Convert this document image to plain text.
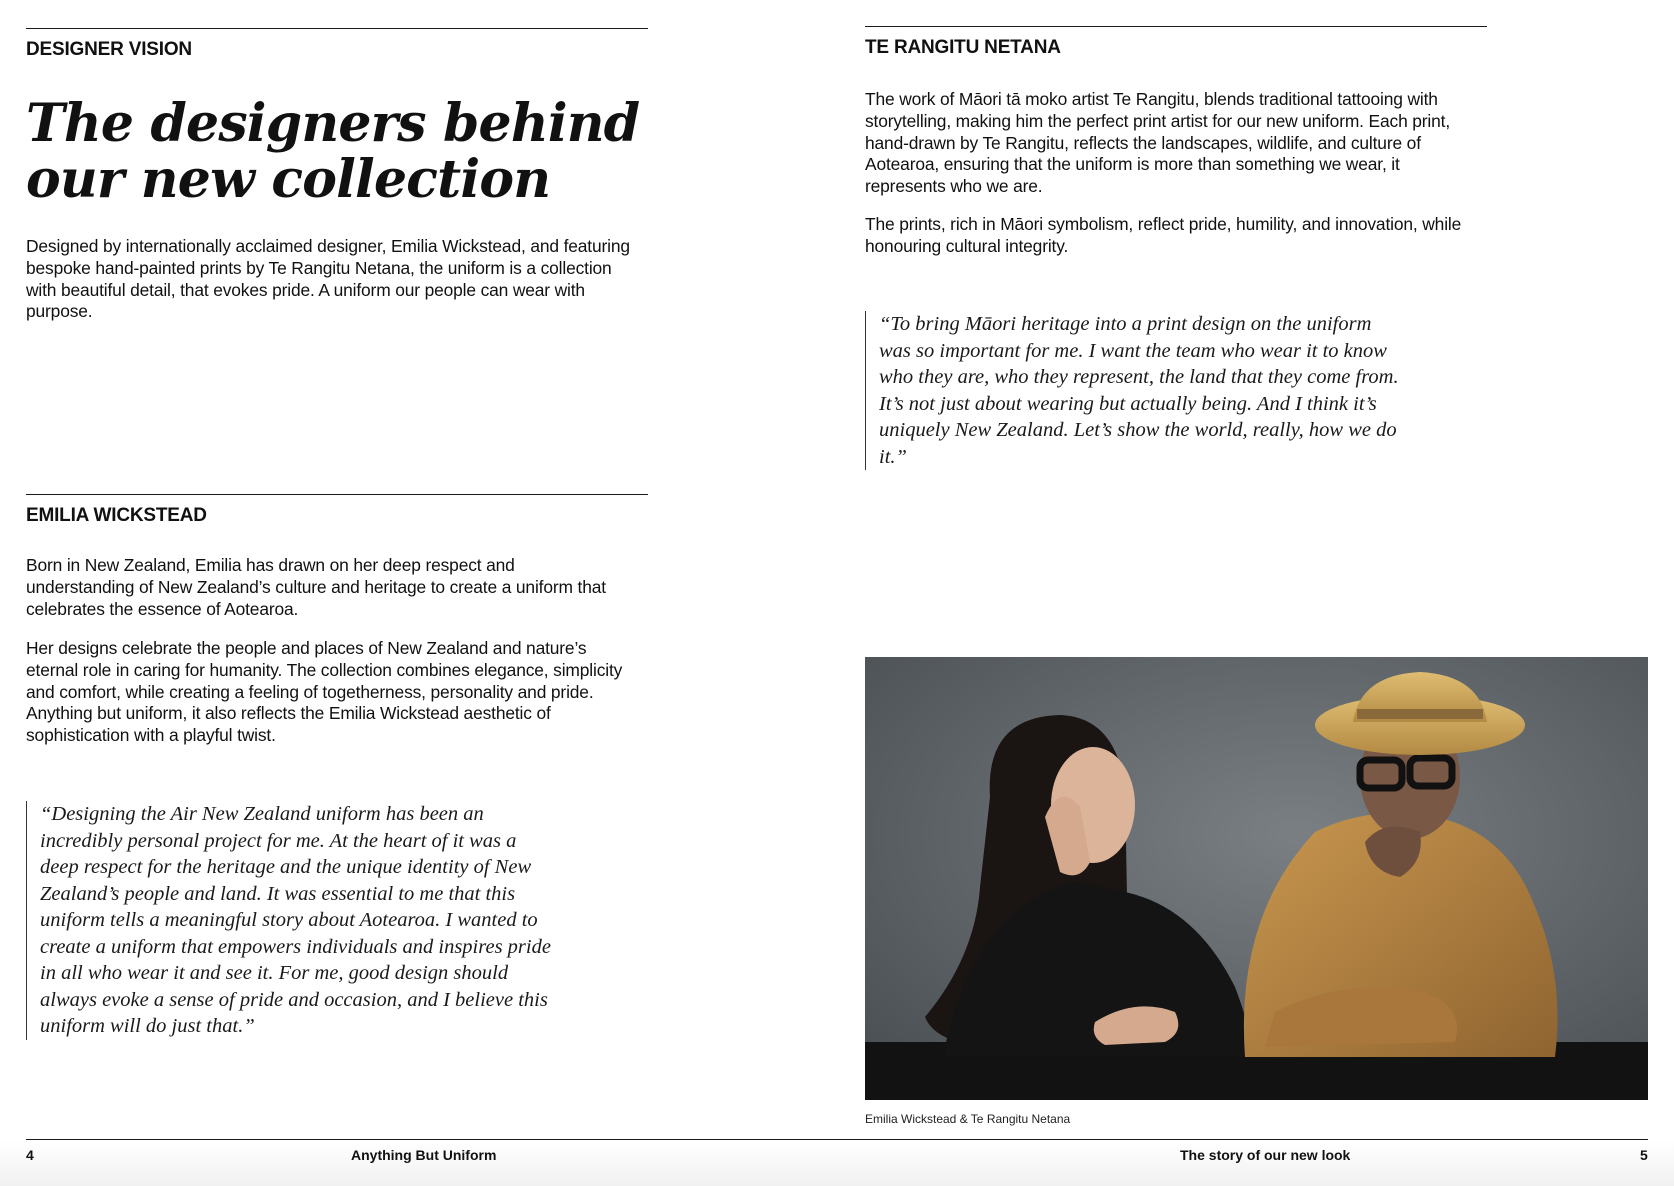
DESIGNER VISION

The designers behind
our new collection

Designed by internationally acclaimed designer, Emilia Wickstead, and featuring bespoke hand-painted prints by Te Rangitu Netana, the uniform is a collection with beautiful detail, that evokes pride. A uniform our people can wear with purpose.

EMILIA WICKSTEAD

Born in New Zealand, Emilia has drawn on her deep respect and understanding of New Zealand’s culture and heritage to create a uniform that celebrates the essence of Aotearoa.

Her designs celebrate the people and places of New Zealand and nature’s eternal role in caring for humanity. The collection combines elegance, simplicity and comfort, while creating a feeling of togetherness, personality and pride. Anything but uniform, it also reflects the Emilia Wickstead aesthetic of sophistication with a playful twist.

“Designing the Air New Zealand uniform has been an incredibly personal project for me. At the heart of it was a deep respect for the heritage and the unique identity of New Zealand’s people and land. It was essential to me that this uniform tells a meaningful story about Aotearoa. I wanted to create a uniform that empowers individuals and inspires pride in all who wear it and see it. For me, good design should always evoke a sense of pride and occasion, and I believe this uniform will do just that.”

TE RANGITU NETANA

The work of Māori tā moko artist Te Rangitu, blends traditional tattooing with storytelling, making him the perfect print artist for our new uniform. Each print, hand-drawn by Te Rangitu, reflects the landscapes, wildlife, and culture of Aotearoa, ensuring that the uniform is more than something we wear, it represents who we are.

The prints, rich in Māori symbolism, reflect pride, humility, and innovation, while honouring cultural integrity.

“To bring Māori heritage into a print design on the uniform was so important for me. I want the team who wear it to know who they are, who they represent, the land that they come from. It’s not just about wearing but actually being. And I think it’s uniquely New Zealand. Let’s show the world, really, how we do it.”

Emilia Wickstead & Te Rangitu Netana

4	Anything But Uniform	The story of our new look	5
